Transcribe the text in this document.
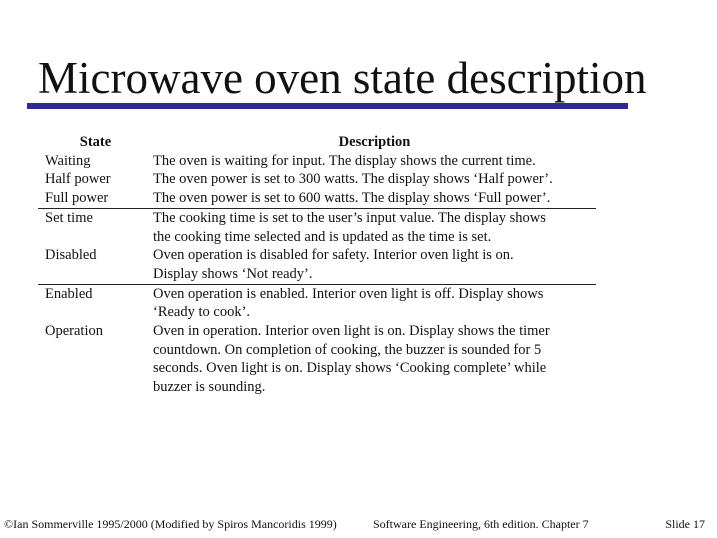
Microwave oven state description
State	Description
Waiting	The oven is waiting for input. The display shows the current time.
Half power	The oven power is set to 300 watts. The display shows ‘Half power’.
Full power	The oven power is set to 600 watts. The display shows ‘Full power’.
Set time	The cooking time is set to the user’s input value. The display shows the cooking time selected and is updated as the time is set.
Disabled	Oven operation is disabled for safety. Interior oven light is on. Display shows ‘Not ready’.
Enabled	Oven operation is enabled. Interior oven light is off. Display shows ‘Ready to cook’.
Operation	Oven in operation. Interior oven light is on. Display shows the timer countdown. On completion of cooking, the buzzer is sounded for 5 seconds. Oven light is on. Display shows ‘Cooking complete’ while buzzer is sounding.
©Ian Sommerville 1995/2000 (Modified by Spiros Mancoridis 1999)	Software Engineering, 6th edition. Chapter 7	Slide 17
